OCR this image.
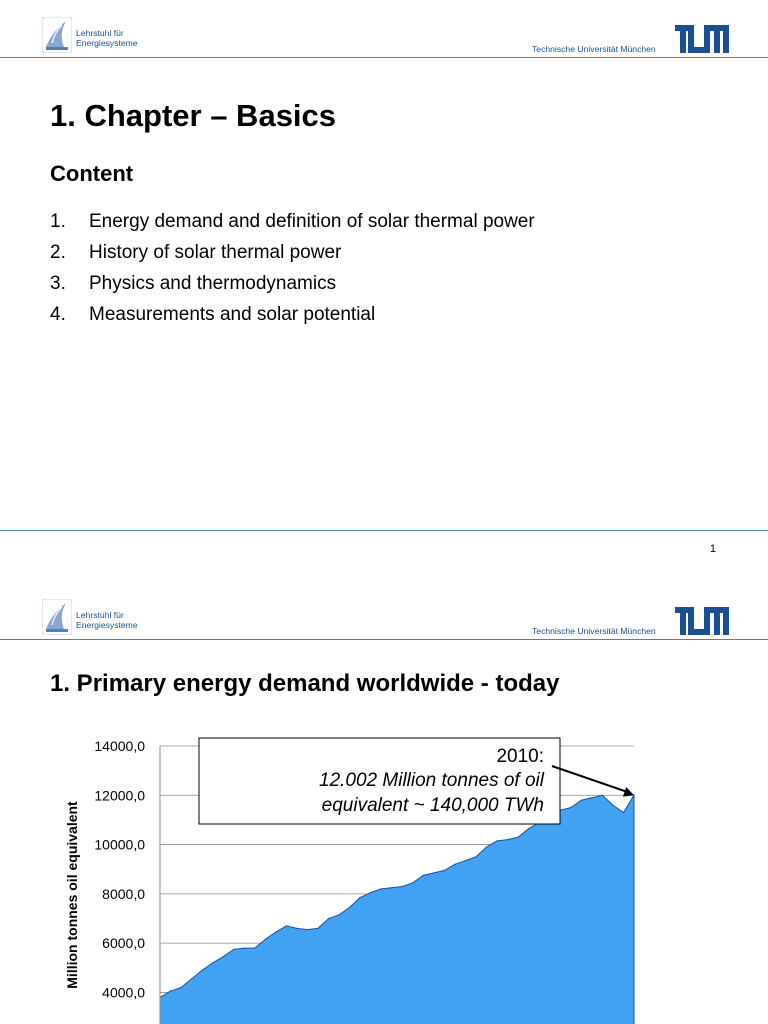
Lehrstuhl für
Energiesysteme
Technische Universität München
1. Chapter – Basics
Content
1.	Energy demand and definition of solar thermal power
2.	History of solar thermal power
3.	Physics and thermodynamics
4.	Measurements and solar potential
1
Lehrstuhl für
Energiesysteme
Technische Universität München
1. Primary energy demand worldwide - today
4000,0
6000,0
8000,0
10000,0
12000,0
14000,0
Million tonnes oil equivalent
2010:
12.002 Million tonnes of oil
equivalent ~ 140,000 TWh
